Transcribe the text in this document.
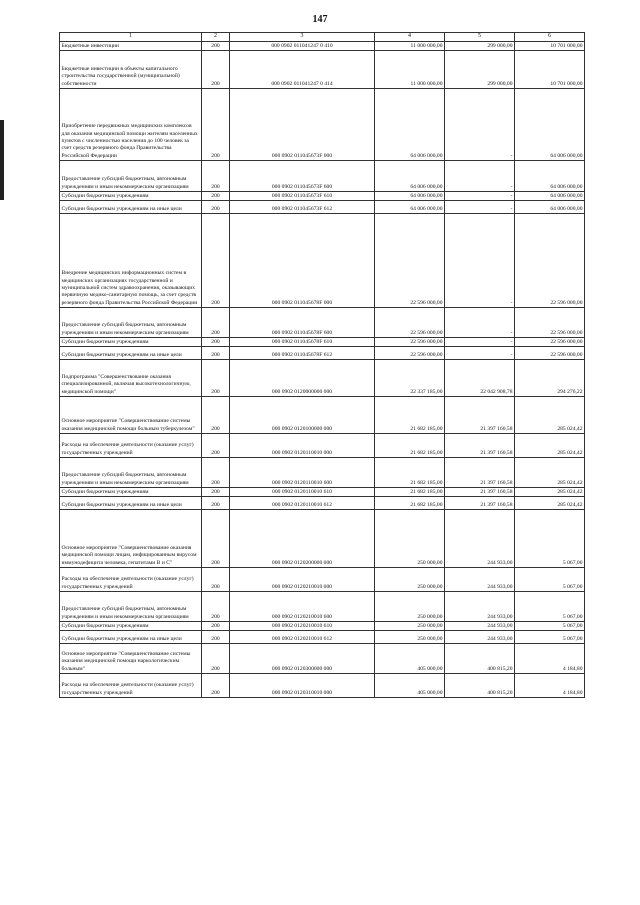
147
1	2	3	4	5	6
Бюджетные инвестиции	200	000 0902 011041247 0 410	11 000 000,00	299 000,00	10 701 000,00
Бюджетные инвестиции в объекты капитального строительства государственной (муниципальной) собственности	200	000 0902 011041247 0 414	11 000 000,00	299 000,00	10 701 000,00
Приобретение передвижных медицинских комплексов для оказания медицинской помощи жителям населенных пунктов с численностью населения до 100 человек за счет средств резервного фонда Правительства Российской Федерации	200	000 0902 011045673F 000	64 006 000,00	-	64 006 000,00
Предоставление субсидий бюджетным, автономным учреждениям и иным некоммерческим организациям	200	000 0902 011045673F 600	64 006 000,00	-	64 006 000,00
Субсидии бюджетным учреждениям	200	000 0902 011045673F 610	64 006 000,00	-	64 006 000,00
Субсидии бюджетным учреждениям на иные цели	200	000 0902 011045673F 612	64 006 000,00	-	64 006 000,00
Внедрение медицинских информационных систем в медицинских организациях государственной и муниципальной систем здравоохранения, оказывающих первичную медико-санитарную помощь, за счет средств резервного фонда Правительства Российской Федерации	200	000 0902 011045678F 000	22 596 000,00	-	22 596 000,00
Предоставление субсидий бюджетным, автономным учреждениям и иным некоммерческим организациям	200	000 0902 011045678F 600	22 596 000,00	-	22 596 000,00
Субсидии бюджетным учреждениям	200	000 0902 011045678F 610	22 596 000,00	-	22 596 000,00
Субсидии бюджетным учреждениям на иные цели	200	000 0902 011045678F 612	22 596 000,00	-	22 596 000,00
Подпрограмма "Совершенствование оказания специализированной, включая высокотехнологичную, медицинской помощи"	200	000 0902 0120000000 000	22 337 185,00	22 042 908,78	294 276,22
Основное мероприятие "Совершенствование системы оказания медицинской помощи больным туберкулезом"	200	000 0902 0120100000 000	21 682 185,00	21 397 160,58	285 024,42
Расходы на обеспечение деятельности (оказание услуг) государственных учреждений	200	000 0902 0120110010 000	21 682 185,00	21 397 160,58	285 024,42
Предоставление субсидий бюджетным, автономным учреждениям и иным некоммерческим организациям	200	000 0902 0120110010 600	21 682 185,00	21 397 160,58	285 024,42
Субсидии бюджетным учреждениям	200	000 0902 0120110010 610	21 682 185,00	21 397 160,58	285 024,42
Субсидии бюджетным учреждениям на иные цели	200	000 0902 0120110010 612	21 682 185,00	21 397 160,58	285 024,42
Основное мероприятие "Совершенствование оказания медицинской помощи лицам, инфицированным вирусом иммунодефицита человека, гепатитами В и С"	200	000 0902 0120200000 000	250 000,00	244 933,00	5 067,00
Расходы на обеспечение деятельности (оказание услуг) государственных учреждений	200	000 0902 0120210010 000	250 000,00	244 933,00	5 067,00
Предоставление субсидий бюджетным, автономным учреждениям и иным некоммерческим организациям	200	000 0902 0120210010 600	250 000,00	244 933,00	5 067,00
Субсидии бюджетным учреждениям	200	000 0902 0120210010 610	250 000,00	244 933,00	5 067,00
Субсидии бюджетным учреждениям на иные цели	200	000 0902 0120210010 612	250 000,00	244 933,00	5 067,00
Основное мероприятие "Совершенствование системы оказания медицинской помощи наркологическим больным"	200	000 0902 0120300000 000	405 000,00	400 815,20	4 184,80
Расходы на обеспечение деятельности (оказание услуг) государственных учреждений	200	000 0902 0120310010 000	405 000,00	400 815,20	4 184,80
